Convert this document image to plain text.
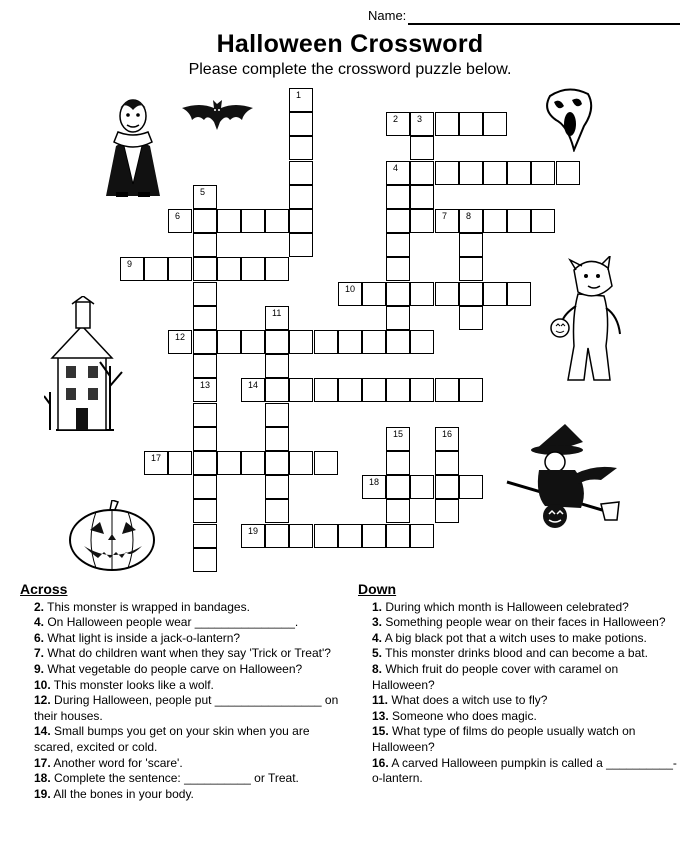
Name:
Halloween Crossword
Please complete the crossword puzzle below.
1
2 3
4
5
6	7 8
9
10
11
12
13	14
15	16
17
18
19
Across

2. This monster is wrapped in bandages.

4. On Halloween people wear _______________.

6. What light is inside a jack-o-lantern?

7. What do children want when they say 'Trick or Treat'?

9. What vegetable do people carve on Halloween?

10. This monster looks like a wolf.

12. During Halloween, people put ________________ on their houses.

14. Small bumps you get on your skin when you are scared, excited or cold.

17. Another word for 'scare'.

18. Complete the sentence: __________ or Treat.

19. All the bones in your body.

Down

1. During which month is Halloween celebrated?

3. Something people wear on their faces in Halloween?

4. A big black pot that a witch uses to make potions.

5. This monster drinks blood and can become a bat.

8. Which fruit do people cover with caramel on Halloween?

11. What does a witch use to fly?

13. Someone who does magic.

15. What type of films do people usually watch on Halloween?

16. A carved Halloween pumpkin is called a __________-o-lantern.
